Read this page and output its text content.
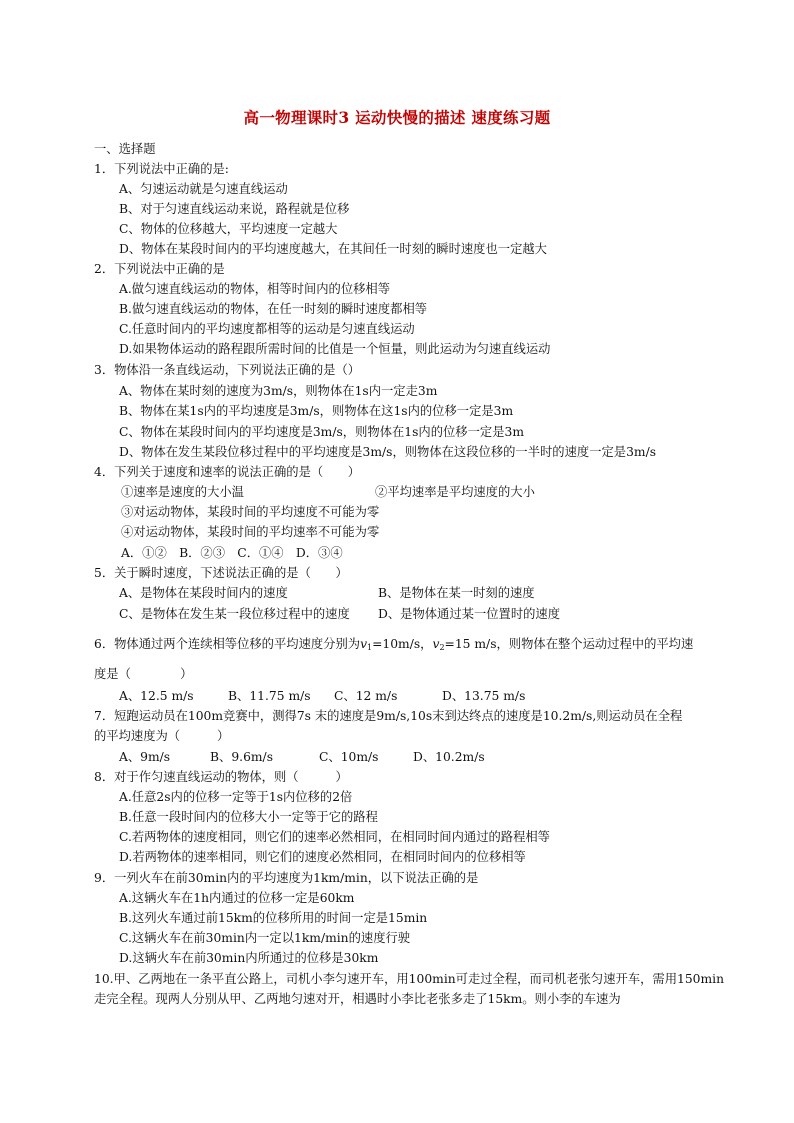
高一物理课时3 运动快慢的描述 速度练习题
一、选择题
1．下列说法中正确的是:
A、匀速运动就是匀速直线运动
B、对于匀速直线运动来说，路程就是位移
C、物体的位移越大，平均速度一定越大
D、物体在某段时间内的平均速度越大，在其间任一时刻的瞬时速度也一定越大
2．下列说法中正确的是
A.做匀速直线运动的物体，相等时间内的位移相等
B.做匀速直线运动的物体，在任一时刻的瞬时速度都相等
C.任意时间内的平均速度都相等的运动是匀速直线运动
D.如果物体运动的路程跟所需时间的比值是一个恒量，则此运动为匀速直线运动
3．物体沿一条直线运动，下列说法正确的是（）
A、物体在某时刻的速度为3m/s，则物体在1s内一定走3m
B、物体在某1s内的平均速度是3m/s，则物体在这1s内的位移一定是3m
C、物体在某段时间内的平均速度是3m/s，则物体在1s内的位移一定是3m
D、物体在发生某段位移过程中的平均速度是3m/s，则物体在这段位移的一半时的速度一定是3m/s
4．下列关于速度和速率的说法正确的是（　　）
①速率是速度的大小温	②平均速率是平均速度的大小
③对运动物体，某段时间的平均速度不可能为零
④对运动物体，某段时间的平均速率不可能为零
A．①②　B．②③　C．①④　D．③④
5．关于瞬时速度，下述说法正确的是（　　）
A、是物体在某段时间内的速度	B、是物体在某一时刻的速度
C、是物体在发生某一段位移过程中的速度 D、是物体通过某一位置时的速度
6．物体通过两个连续相等位移的平均速度分别为$v_1=10m/s$，$v_2=15$ m/s，则物体在整个运动过程中的平均速
度是（　　　　）
A、12.5 m/s	B、11.75 m/s C、12 m/s	D、13.75 m/s
7．短跑运动员在100m竞赛中，测得7s 末的速度是9m/s,10s末到达终点的速度是10.2m/s,则运动员在全程
的平均速度为（　　　）
A、9m/s	B、9.6m/s	C、10m/s	D、10.2m/s
8．对于作匀速直线运动的物体，则（　　　）
A.任意2s内的位移一定等于1s内位移的2倍
B.任意一段时间内的位移大小一定等于它的路程
C.若两物体的速度相同，则它们的速率必然相同，在相同时间内通过的路程相等
D.若两物体的速率相同，则它们的速度必然相同，在相同时间内的位移相等
9．一列火车在前30min内的平均速度为1km/min，以下说法正确的是
A.这辆火车在1h内通过的位移一定是60km
B.这列火车通过前15km的位移所用的时间一定是15min
C.这辆火车在前30min内一定以1km/min的速度行驶
D.这辆火车在前30min内所通过的位移是30km
10.甲、乙两地在一条平直公路上，司机小李匀速开车，用100min可走过全程，而司机老张匀速开车，需用150min
走完全程。现两人分别从甲、乙两地匀速对开，相遇时小李比老张多走了15km。则小李的车速为
